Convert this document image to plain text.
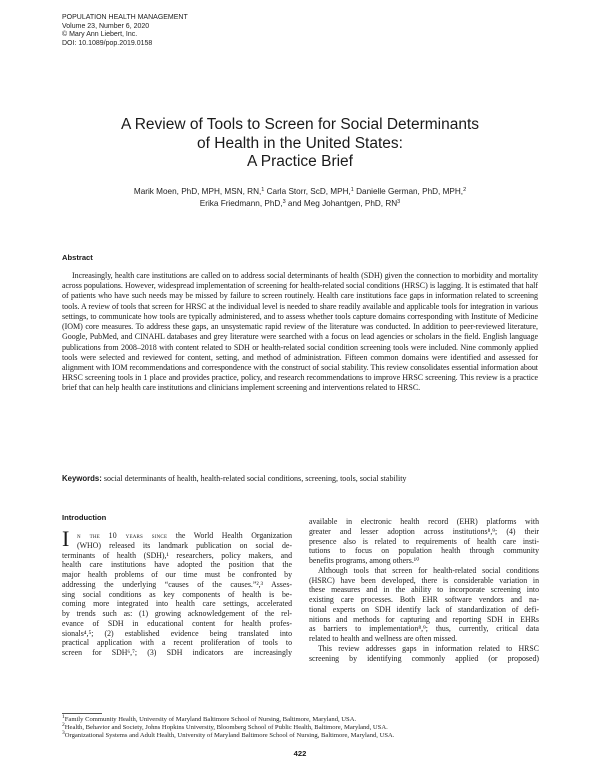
POPULATION HEALTH MANAGEMENT
Volume 23, Number 6, 2020
© Mary Ann Liebert, Inc.
DOI: 10.1089/pop.2019.0158
A Review of Tools to Screen for Social Determinants
of Health in the United States:
A Practice Brief
Marik Moen, PhD, MPH, MSN, RN,$^1$ Carla Storr, ScD, MPH,$^1$ Danielle German, PhD, MPH,$^2$
Erika Friedmann, PhD,$^3$ and Meg Johantgen, PhD, $RN^3$
Abstract

Increasingly, health care institutions are called on to address social determinants of health (SDH) given the connection to morbidity and mortality across populations. However, widespread implementation of screening for health-related social conditions (HRSC) is lagging. It is estimated that half of patients who have such needs may be missed by failure to screen routinely. Health care institutions face gaps in information related to screening tools. A review of tools that screen for HRSC at the individual level is needed to share readily available and applicable tools for integration in various settings, to communicate how tools are typically administered, and to assess whether tools capture domains corresponding with Institute of Medicine (IOM) core measures. To address these gaps, an unsystematic rapid review of the literature was conducted. In addition to peer-reviewed literature, Google, PubMed, and CINAHL databases and grey literature were searched with a focus on lead agencies or scholars in the field. English language publications from 2008–2018 with content related to SDH or health-related social condition screening tools were included. Nine commonly applied tools were selected and reviewed for content, setting, and method of administration. Fifteen common domains were identified and assessed for alignment with IOM recommendations and correspondence with the construct of social stability. This review consolidates essential information about HRSC screening tools in 1 place and provides practice, policy, and research recommendations to improve HRSC screening. This review is a practice brief that can help health care institutions and clinicians implement screening and interventions related to HRSC.

Keywords: social determinants of health, health-related social conditions, screening, tools, social stability
Introduction
I n the 10 years since the World Health Organization
(WHO) released its landmark publication on social de-
terminants of health (SDH),¹ researchers, policy makers, and
health care institutions have adopted the position that the
major health problems of our time must be confronted by
addressing the underlying “causes of the causes.”²,³ Asses-
sing social conditions as key components of health is be-
coming more integrated into health care settings, accelerated
by trends such as: (1) growing acknowledgement of the rel-
evance of SDH in educational content for health profes-
sionals⁴,⁵; (2) established evidence being translated into
practical application with a recent proliferation of tools to
screen for SDH⁶,⁷; (3) SDH indicators are increasingly
available in electronic health record (EHR) platforms with
greater and lesser adoption across institutions⁸,⁹; (4) their
presence also is related to requirements of health care insti-
tutions to focus on population health through community
benefits programs, among others.¹⁰
Although tools that screen for health-related social conditions
(HSRC) have been developed, there is considerable variation in
these measures and in the ability to incorporate screening into
existing care processes. Both EHR software vendors and na-
tional experts on SDH identify lack of standardization of defi-
nitions and methods for capturing and reporting SDH in EHRs
as barriers to implementation⁸,⁹; thus, currently, critical data
related to health and wellness are often missed.
This review addresses gaps in information related to HRSC
screening by identifying commonly applied (or proposed)
$^1$Family Community Health, University of Maryland Baltimore School of Nursing, Baltimore, Maryland, USA.
$^2$Health, Behavior and Society, Johns Hopkins University, Bloomberg School of Public Health, Baltimore, Maryland, USA.
$^3$Organizational Systems and Adult Health, University of Maryland Baltimore School of Nursing, Baltimore, Maryland, USA.
422
